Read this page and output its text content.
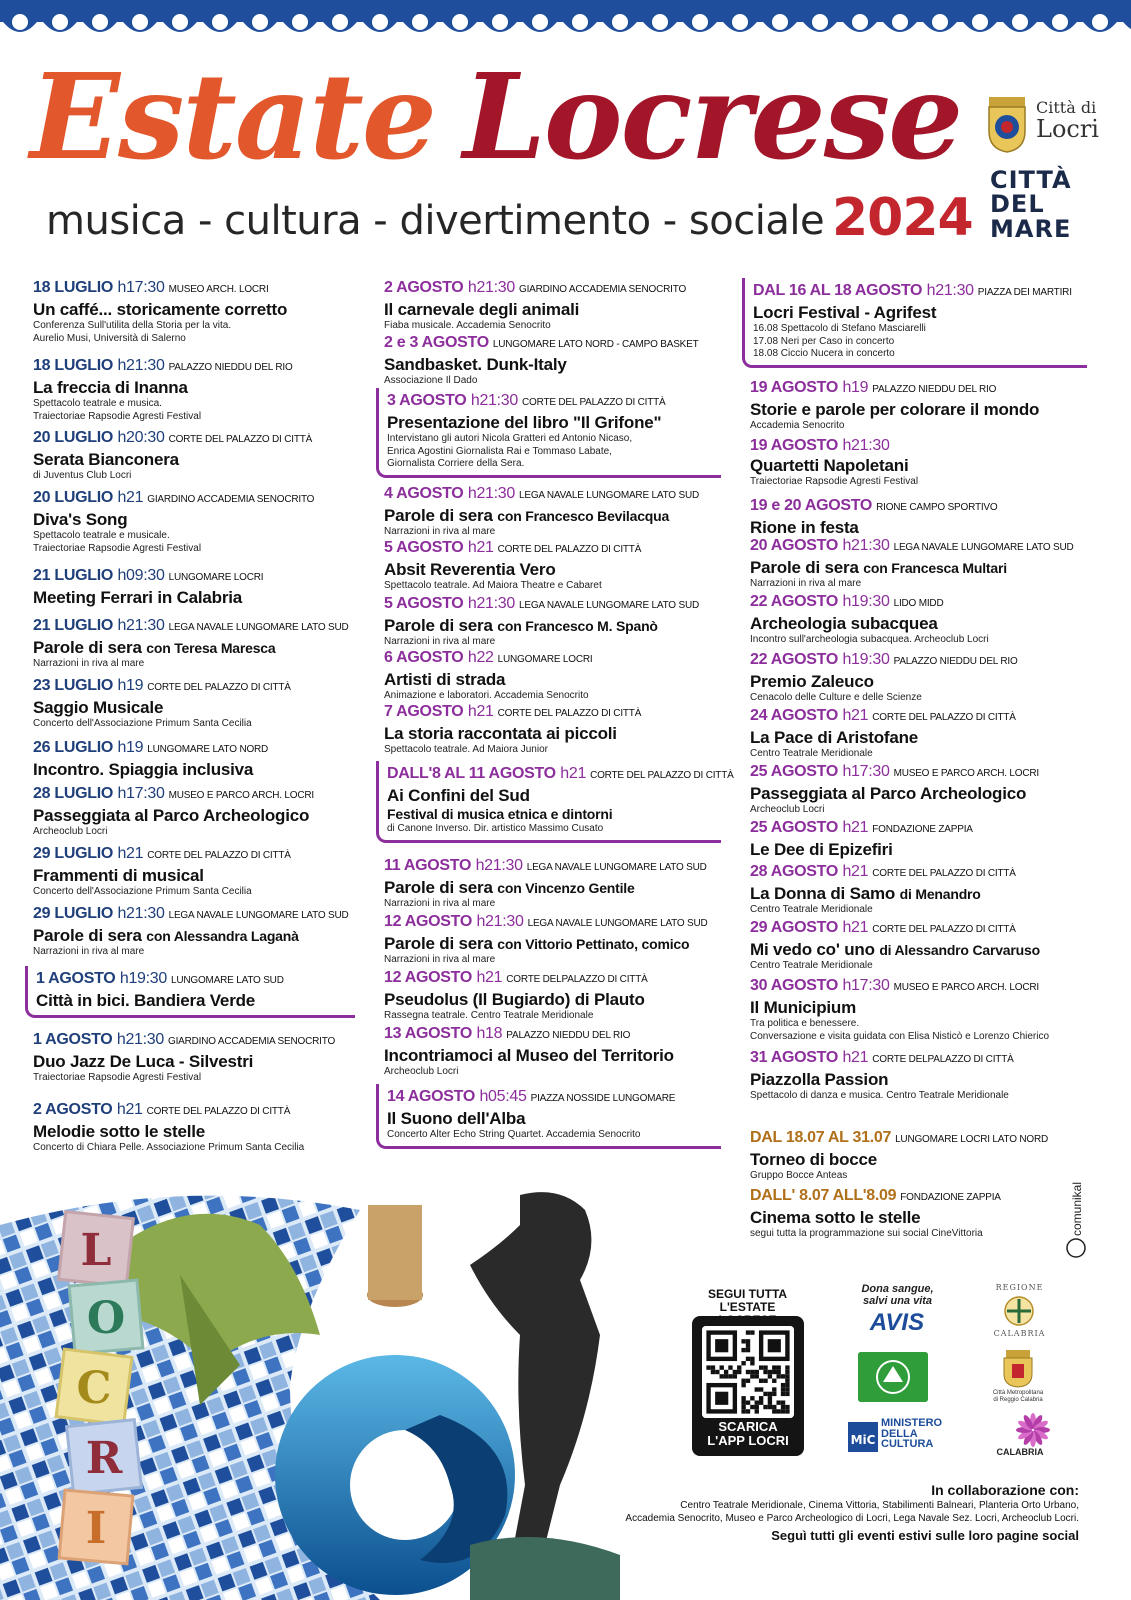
Estate Locrese
musica - cultura - divertimento - sociale 2024
Città di
Locri
CITTÀ
DEL
MARE
18 LUGLIO h17:30 MUSEO ARCH. LOCRI
Un caffé... storicamente corretto
Conferenza Sull'utilita della Storia per la vita.
Aurelio Musi, Università di Salerno
18 LUGLIO h21:30 PALAZZO NIEDDU DEL RIO
La freccia di Inanna
Spettacolo teatrale e musica.
Traiectoriae Rapsodie Agresti Festival
20 LUGLIO h20:30 CORTE DEL PALAZZO DI CITTÀ
Serata Bianconera
di Juventus Club Locri
20 LUGLIO h21 GIARDINO ACCADEMIA SENOCRITO
Diva's Song
Spettacolo teatrale e musicale.
Traiectoriae Rapsodie Agresti Festival
21 LUGLIO h09:30 LUNGOMARE LOCRI
Meeting Ferrari in Calabria
21 LUGLIO h21:30 LEGA NAVALE LUNGOMARE LATO SUD
Parole di sera con Teresa Maresca
Narrazioni in riva al mare
23 LUGLIO h19 CORTE DEL PALAZZO DI CITTÀ
Saggio Musicale
Concerto dell'Associazione Primum Santa Cecilia
26 LUGLIO h19 LUNGOMARE LATO NORD
Incontro. Spiaggia inclusiva
28 LUGLIO h17:30 MUSEO E PARCO ARCH. LOCRI
Passeggiata al Parco Archeologico
Archeoclub Locri
29 LUGLIO h21 CORTE DEL PALAZZO DI CITTÀ
Frammenti di musical
Concerto dell'Associazione Primum Santa Cecilia
29 LUGLIO h21:30 LEGA NAVALE LUNGOMARE LATO SUD
Parole di sera con Alessandra Laganà
Narrazioni in riva al mare
1 AGOSTO h19:30 LUNGOMARE LATO SUD
Città in bici. Bandiera Verde
1 AGOSTO h21:30 GIARDINO ACCADEMIA SENOCRITO
Duo Jazz De Luca - Silvestri
Traiectoriae Rapsodie Agresti Festival
2 AGOSTO h21 CORTE DEL PALAZZO DI CITTÀ
Melodie sotto le stelle
Concerto di Chiara Pelle. Associazione Primum Santa Cecilia
2 AGOSTO h21:30 GIARDINO ACCADEMIA SENOCRITO
Il carnevale degli animali
Fiaba musicale. Accademia Senocrito
2 e 3 AGOSTO LUNGOMARE LATO NORD - CAMPO BASKET
Sandbasket. Dunk-Italy
Associazione Il Dado
3 AGOSTO h21:30 CORTE DEL PALAZZO DI CITTÀ
Presentazione del libro "Il Grifone"
Intervistano gli autori Nicola Gratteri ed Antonio Nicaso,
Enrica Agostini Giornalista Rai e Tommaso Labate,
Giornalista Corriere della Sera.
4 AGOSTO h21:30 LEGA NAVALE LUNGOMARE LATO SUD
Parole di sera con Francesco Bevilacqua
Narrazioni in riva al mare
5 AGOSTO h21 CORTE DEL PALAZZO DI CITTÀ
Absit Reverentia Vero
Spettacolo teatrale. Ad Maiora Theatre e Cabaret
5 AGOSTO h21:30 LEGA NAVALE LUNGOMARE LATO SUD
Parole di sera con Francesco M. Spanò
Narrazioni in riva al mare
6 AGOSTO h22 LUNGOMARE LOCRI
Artisti di strada
Animazione e laboratori. Accademia Senocrito
7 AGOSTO h21 CORTE DEL PALAZZO DI CITTÀ
La storia raccontata ai piccoli
Spettacolo teatrale. Ad Maiora Junior
DALL'8 AL 11 AGOSTO h21 CORTE DEL PALAZZO DI CITTÀ
Ai Confini del Sud
Festival di musica etnica e dintorni
di Canone Inverso. Dir. artistico Massimo Cusato
11 AGOSTO h21:30 LEGA NAVALE LUNGOMARE LATO SUD
Parole di sera con Vincenzo Gentile
Narrazioni in riva al mare
12 AGOSTO h21:30 LEGA NAVALE LUNGOMARE LATO SUD
Parole di sera con Vittorio Pettinato, comico
Narrazioni in riva al mare
12 AGOSTO h21 CORTE DELPALAZZO DI CITTÀ
Pseudolus (Il Bugiardo) di Plauto
Rassegna teatrale. Centro Teatrale Meridionale
13 AGOSTO h18 PALAZZO NIEDDU DEL RIO
Incontriamoci al Museo del Territorio
Archeoclub Locri
14 AGOSTO h05:45 PIAZZA NOSSIDE LUNGOMARE
Il Suono dell'Alba
Concerto Alter Echo String Quartet. Accademia Senocrito
DAL 16 AL 18 AGOSTO h21:30 PIAZZA DEI MARTIRI
Locri Festival - Agrifest
16.08 Spettacolo di Stefano Masciarelli
17.08 Neri per Caso in concerto
18.08 Ciccio Nucera in concerto
19 AGOSTO h19 PALAZZO NIEDDU DEL RIO
Storie e parole per colorare il mondo
Accademia Senocrito
19 AGOSTO h21:30
Quartetti Napoletani
Traiectoriae Rapsodie Agresti Festival
19 e 20 AGOSTO RIONE CAMPO SPORTIVO
Rione in festa
20 AGOSTO h21:30 LEGA NAVALE LUNGOMARE LATO SUD
Parole di sera con Francesca Multari
Narrazioni in riva al mare
22 AGOSTO h19:30 LIDO MIDD
Archeologia subacquea
Incontro sull'archeologia subacquea. Archeoclub Locri
22 AGOSTO h19:30 PALAZZO NIEDDU DEL RIO
Premio Zaleuco
Cenacolo delle Culture e delle Scienze
24 AGOSTO h21 CORTE DEL PALAZZO DI CITTÀ
La Pace di Aristofane
Centro Teatrale Meridionale
25 AGOSTO h17:30 MUSEO E PARCO ARCH. LOCRI
Passeggiata al Parco Archeologico
Archeoclub Locri
25 AGOSTO h21 FONDAZIONE ZAPPIA
Le Dee di Epizefiri
28 AGOSTO h21 CORTE DEL PALAZZO DI CITTÀ
La Donna di Samo di Menandro
Centro Teatrale Meridionale
29 AGOSTO h21 CORTE DEL PALAZZO DI CITTÀ
Mi vedo co' uno di Alessandro Carvaruso
Centro Teatrale Meridionale
30 AGOSTO h17:30 MUSEO E PARCO ARCH. LOCRI
Il Municipium
Tra politica e benessere.
Conversazione e visita guidata con Elisa Nisticò e Lorenzo Chierico
31 AGOSTO h21 CORTE DELPALAZZO DI CITTÀ
Piazzolla Passion
Spettacolo di danza e musica. Centro Teatrale Meridionale
DAL 18.07 AL 31.07 LUNGOMARE LOCRI LATO NORD
Torneo di bocce
Gruppo Bocce Anteas
DALL' 8.07 ALL'8.09 FONDAZIONE ZAPPIA
Cinema sotto le stelle
segui tutta la programmazione sui social CineVittoria
L
O
C
R
I
SEGUI TUTTA
L'ESTATE
SCARICA
L'APP LOCRI
Dona sangue,
salvi una vita
AVIS
MiC
MINISTERO
DELLA
CULTURA
REGIONE
CALABRIA
Città Metropolitana
di Reggio Calabria
CALABRIA
comunikal
In collaborazione con:
Centro Teatrale Meridionale, Cinema Vittoria, Stabilimenti Balneari, Planteria Orto Urbano,
Accademia Senocrito, Museo e Parco Archeologico di Locri, Lega Navale Sez. Locri, Archeoclub Locri.
Seguì tutti gli eventi estivi sulle loro pagine social
